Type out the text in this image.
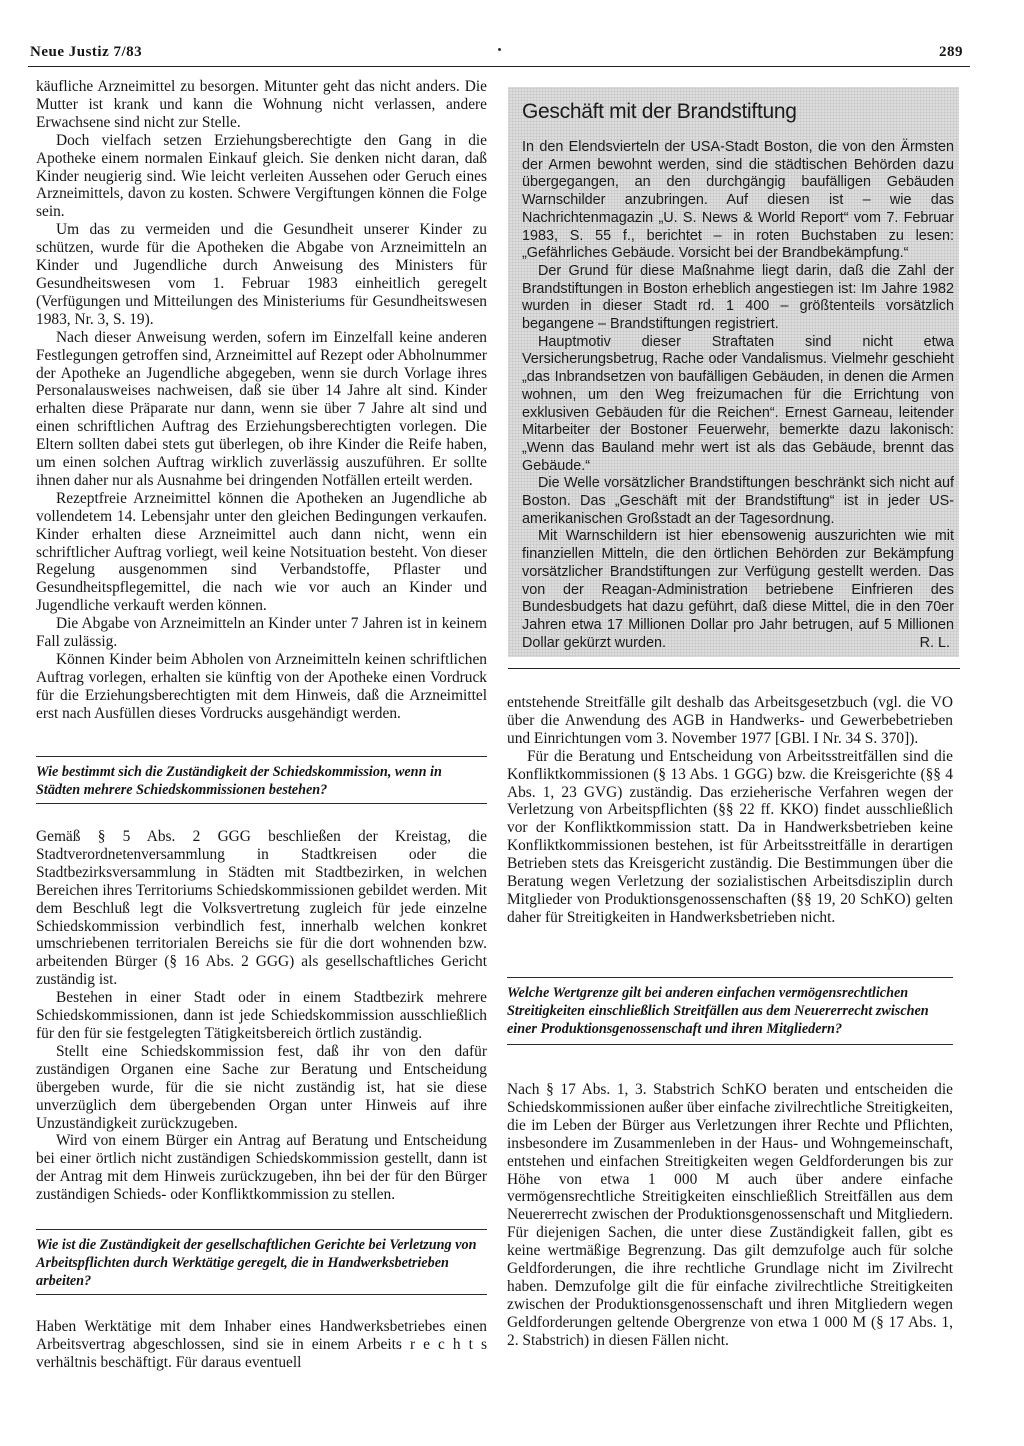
Neue Justiz 7/83	289

käufliche Arzneimittel zu besorgen. Mitunter geht das nicht anders. Die Mutter ist krank und kann die Wohnung nicht verlassen, andere Erwachsene sind nicht zur Stelle.

Doch vielfach setzen Erziehungsberechtigte den Gang in die Apotheke einem normalen Einkauf gleich. Sie denken nicht daran, daß Kinder neugierig sind. Wie leicht verleiten Aussehen oder Geruch eines Arzneimittels, davon zu kosten. Schwere Vergiftungen können die Folge sein.

Um das zu vermeiden und die Gesundheit unserer Kinder zu schützen, wurde für die Apotheken die Abgabe von Arzneimitteln an Kinder und Jugendliche durch Anweisung des Ministers für Gesundheitswesen vom 1. Februar 1983 einheitlich geregelt (Verfügungen und Mitteilungen des Ministeriums für Gesundheitswesen 1983, Nr. 3, S. 19).

Nach dieser Anweisung werden, sofern im Einzelfall keine anderen Festlegungen getroffen sind, Arzneimittel auf Rezept oder Abholnummer der Apotheke an Jugendliche abgegeben, wenn sie durch Vorlage ihres Personalausweises nachweisen, daß sie über 14 Jahre alt sind. Kinder erhalten diese Präparate nur dann, wenn sie über 7 Jahre alt sind und einen schriftlichen Auftrag des Erziehungsberechtigten vorlegen. Die Eltern sollten dabei stets gut überlegen, ob ihre Kinder die Reife haben, um einen solchen Auftrag wirklich zuverlässig auszuführen. Er sollte ihnen daher nur als Ausnahme bei dringenden Notfällen erteilt werden.

Rezeptfreie Arzneimittel können die Apotheken an Jugendliche ab vollendetem 14. Lebensjahr unter den gleichen Bedingungen verkaufen. Kinder erhalten diese Arzneimittel auch dann nicht, wenn ein schriftlicher Auftrag vorliegt, weil keine Notsituation besteht. Von dieser Regelung ausgenommen sind Verbandstoffe, Pflaster und Gesundheitspflegemittel, die nach wie vor auch an Kinder und Jugendliche verkauft werden können.

Die Abgabe von Arzneimitteln an Kinder unter 7 Jahren ist in keinem Fall zulässig.

Können Kinder beim Abholen von Arzneimitteln keinen schriftlichen Auftrag vorlegen, erhalten sie künftig von der Apotheke einen Vordruck für die Erziehungsberechtigten mit dem Hinweis, daß die Arzneimittel erst nach Ausfüllen dieses Vordrucks ausgehändigt werden.

Wie bestimmt sich die Zuständigkeit der Schiedskommission, wenn in Städten mehrere Schiedskommissionen bestehen?

Gemäß § 5 Abs. 2 GGG beschließen der Kreistag, die Stadtverordnetenversammlung in Stadtkreisen oder die Stadtbezirksversammlung in Städten mit Stadtbezirken, in welchen Bereichen ihres Territoriums Schiedskommissionen gebildet werden. Mit dem Beschluß legt die Volksvertretung zugleich für jede einzelne Schiedskommission verbindlich fest, innerhalb welchen konkret umschriebenen territorialen Bereichs sie für die dort wohnenden bzw. arbeitenden Bürger (§ 16 Abs. 2 GGG) als gesellschaftliches Gericht zuständig ist.

Bestehen in einer Stadt oder in einem Stadtbezirk mehrere Schiedskommissionen, dann ist jede Schiedskommission ausschließlich für den für sie festgelegten Tätigkeitsbereich örtlich zuständig.

Stellt eine Schiedskommission fest, daß ihr von den dafür zuständigen Organen eine Sache zur Beratung und Entscheidung übergeben wurde, für die sie nicht zuständig ist, hat sie diese unverzüglich dem übergebenden Organ unter Hinweis auf ihre Unzuständigkeit zurückzugeben.

Wird von einem Bürger ein Antrag auf Beratung und Entscheidung bei einer örtlich nicht zuständigen Schiedskommission gestellt, dann ist der Antrag mit dem Hinweis zurückzugeben, ihn bei der für den Bürger zuständigen Schieds- oder Konfliktkommission zu stellen.

Wie ist die Zuständigkeit der gesellschaftlichen Gerichte bei Verletzung von Arbeitspflichten durch Werktätige geregelt, die in Handwerksbetrieben arbeiten?

Haben Werktätige mit dem Inhaber eines Handwerksbetriebes einen Arbeitsvertrag abgeschlossen, sind sie in einem Arbeits r e c h t s verhältnis beschäftigt. Für daraus eventuell

Geschäft mit der Brandstiftung

In den Elendsvierteln der USA-Stadt Boston, die von den Ärmsten der Armen bewohnt werden, sind die städtischen Behörden dazu übergegangen, an den durchgängig baufälligen Gebäuden Warnschilder anzubringen. Auf diesen ist – wie das Nachrichtenmagazin „U. S. News & World Report“ vom 7. Februar 1983, S. 55 f., berichtet – in roten Buchstaben zu lesen: „Gefährliches Gebäude. Vorsicht bei der Brandbekämpfung.“

Der Grund für diese Maßnahme liegt darin, daß die Zahl der Brandstiftungen in Boston erheblich angestiegen ist: Im Jahre 1982 wurden in dieser Stadt rd. 1 400 – größtenteils vorsätzlich begangene – Brandstiftungen registriert.

Hauptmotiv dieser Straftaten sind nicht etwa Versicherungsbetrug, Rache oder Vandalismus. Vielmehr geschieht „das Inbrandsetzen von baufälligen Gebäuden, in denen die Armen wohnen, um den Weg freizumachen für die Errichtung von exklusiven Gebäuden für die Reichen“. Ernest Garneau, leitender Mitarbeiter der Bostoner Feuerwehr, bemerkte dazu lakonisch: „Wenn das Bauland mehr wert ist als das Gebäude, brennt das Gebäude.“

Die Welle vorsätzlicher Brandstiftungen beschränkt sich nicht auf Boston. Das „Geschäft mit der Brandstiftung“ ist in jeder US-amerikanischen Großstadt an der Tagesordnung.

Mit Warnschildern ist hier ebensowenig auszurichten wie mit finanziellen Mitteln, die den örtlichen Behörden zur Bekämpfung vorsätzlicher Brandstiftungen zur Verfügung gestellt werden. Das von der Reagan-Administration betriebene Einfrieren des Bundesbudgets hat dazu geführt, daß diese Mittel, die in den 70er Jahren etwa 17 Millionen Dollar pro Jahr betrugen, auf 5 Millionen Dollar gekürzt wurden.	R. L.

entstehende Streitfälle gilt deshalb das Arbeitsgesetzbuch (vgl. die VO über die Anwendung des AGB in Handwerks- und Gewerbebetrieben und Einrichtungen vom 3. November 1977 [GBl. I Nr. 34 S. 370]).

Für die Beratung und Entscheidung von Arbeitsstreitfällen sind die Konfliktkommissionen (§ 13 Abs. 1 GGG) bzw. die Kreisgerichte (§§ 4 Abs. 1, 23 GVG) zuständig. Das erzieherische Verfahren wegen der Verletzung von Arbeitspflichten (§§ 22 ff. KKO) findet ausschließlich vor der Konfliktkommission statt. Da in Handwerksbetrieben keine Konfliktkommissionen bestehen, ist für Arbeitsstreitfälle in derartigen Betrieben stets das Kreisgericht zuständig. Die Bestimmungen über die Beratung wegen Verletzung der sozialistischen Arbeitsdisziplin durch Mitglieder von Produktionsgenossenschaften (§§ 19, 20 SchKO) gelten daher für Streitigkeiten in Handwerksbetrieben nicht.

Welche Wertgrenze gilt bei anderen einfachen vermögensrechtlichen Streitigkeiten einschließlich Streitfällen aus dem Neuererrecht zwischen einer Produktionsgenossenschaft und ihren Mitgliedern?

Nach § 17 Abs. 1, 3. Stabstrich SchKO beraten und entscheiden die Schiedskommissionen außer über einfache zivilrechtliche Streitigkeiten, die im Leben der Bürger aus Verletzungen ihrer Rechte und Pflichten, insbesondere im Zusammenleben in der Haus- und Wohngemeinschaft, entstehen und einfachen Streitigkeiten wegen Geldforderungen bis zur Höhe von etwa 1 000 M auch über andere einfache vermögensrechtliche Streitigkeiten einschließlich Streitfällen aus dem Neuererrecht zwischen der Produktionsgenossenschaft und Mitgliedern. Für diejenigen Sachen, die unter diese Zuständigkeit fallen, gibt es keine wertmäßige Begrenzung. Das gilt demzufolge auch für solche Geldforderungen, die ihre rechtliche Grundlage nicht im Zivilrecht haben. Demzufolge gilt die für einfache zivilrechtliche Streitigkeiten zwischen der Produktionsgenossenschaft und ihren Mitgliedern wegen Geldforderungen geltende Obergrenze von etwa 1 000 M (§ 17 Abs. 1, 2. Stabstrich) in diesen Fällen nicht.
